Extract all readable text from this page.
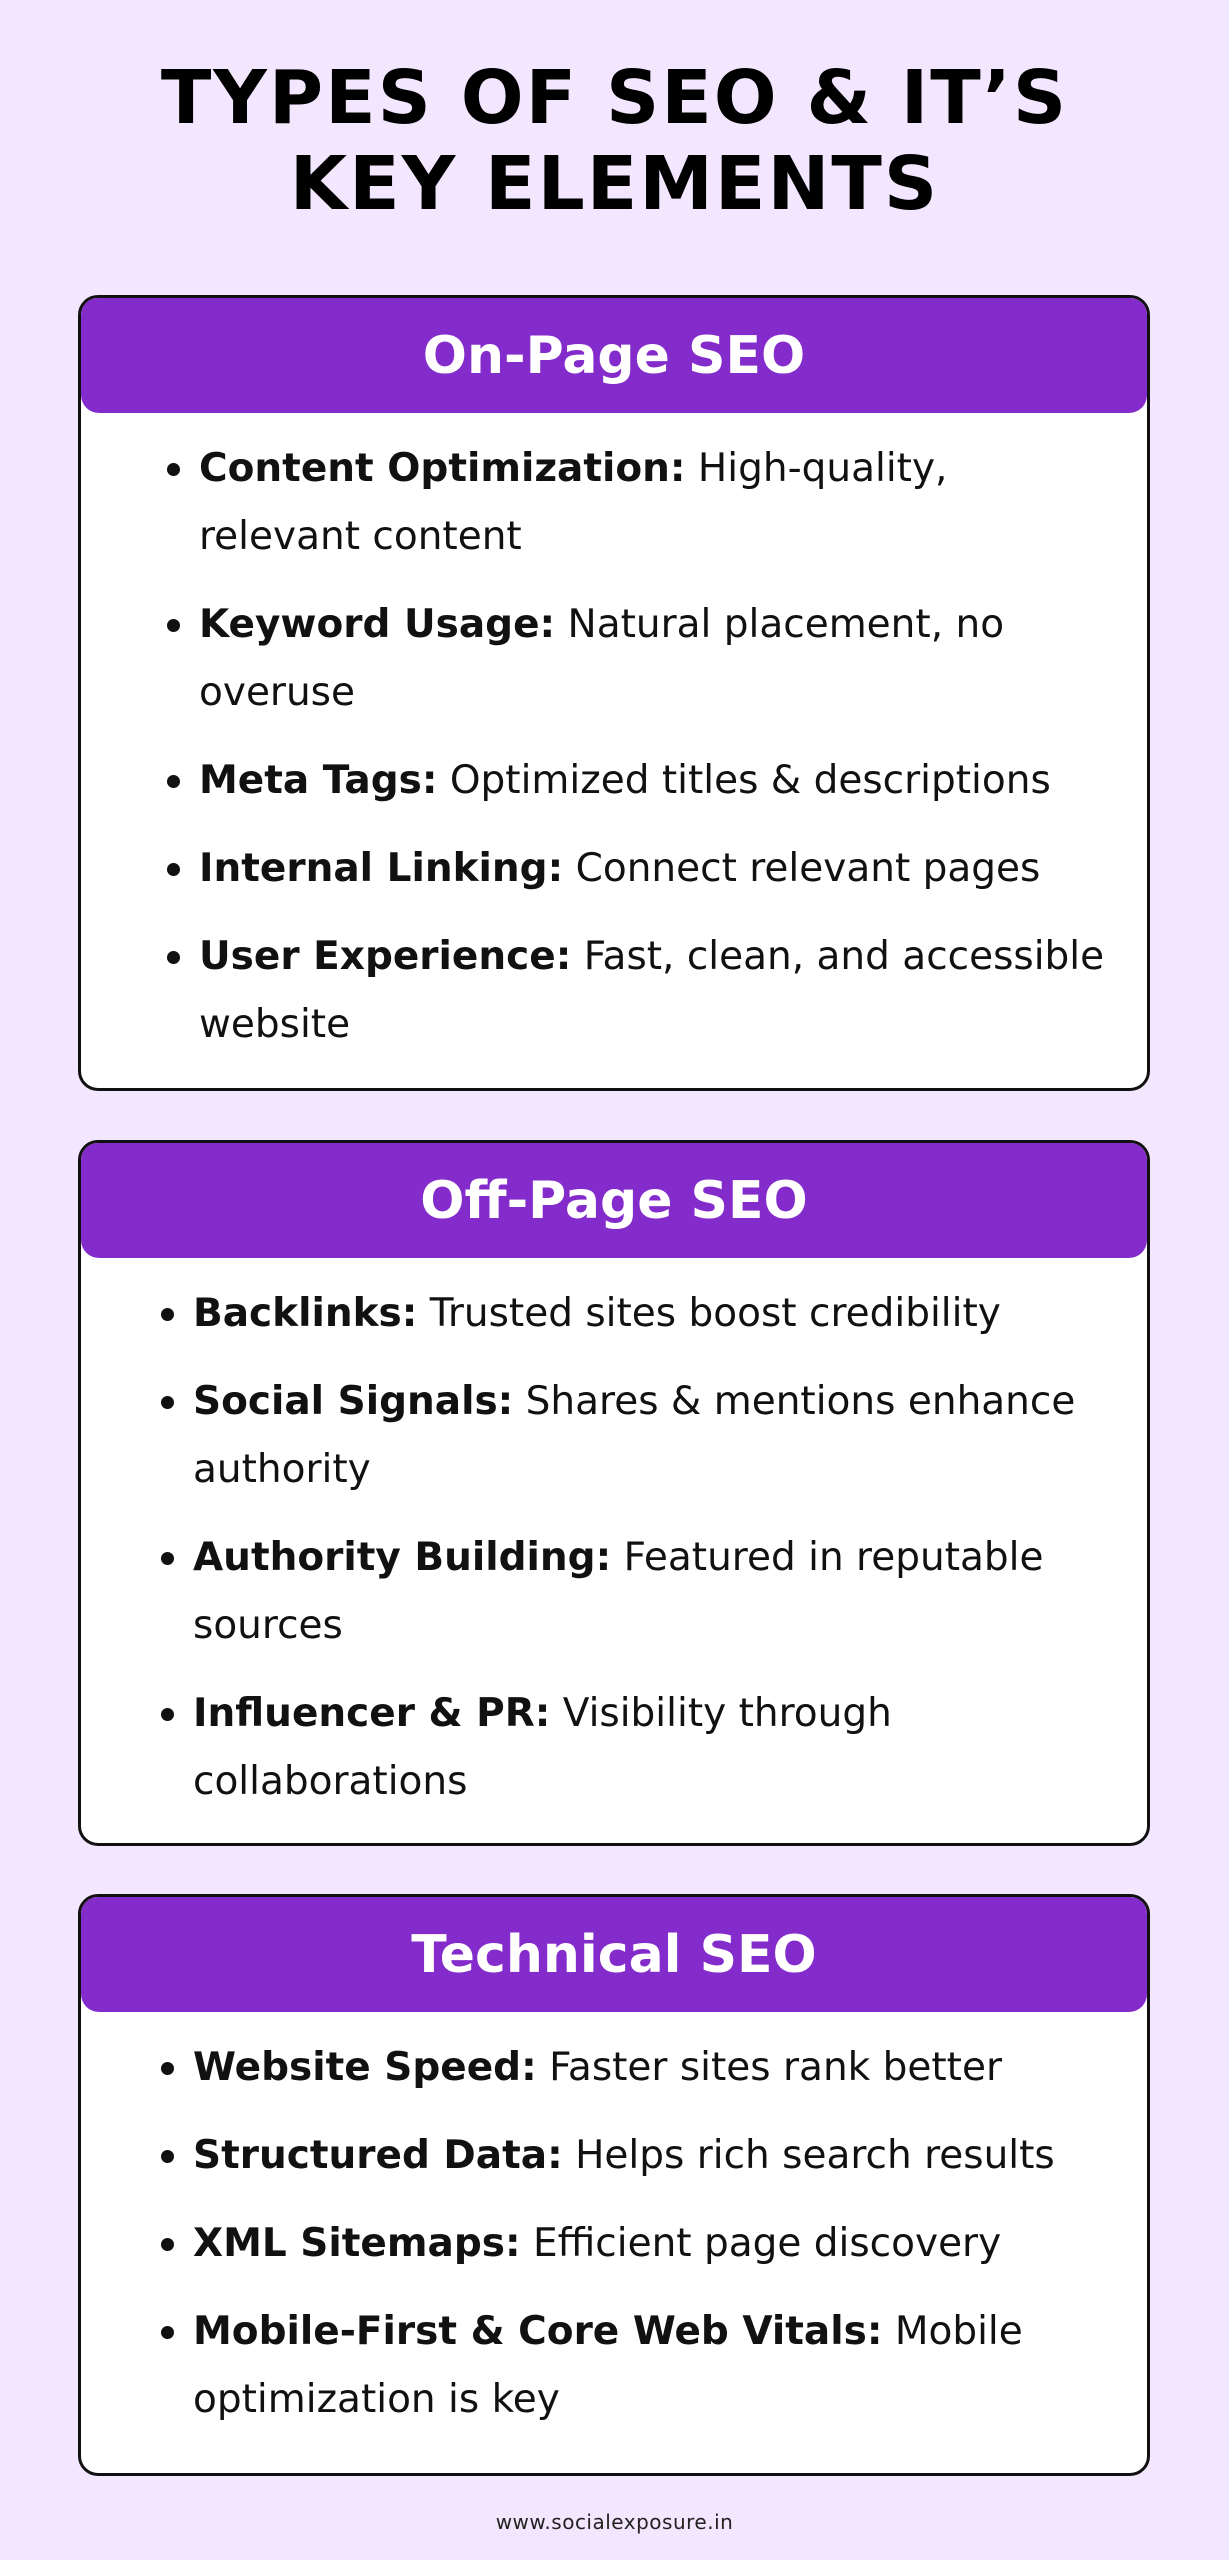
TYPES OF SEO & IT’S
KEY ELEMENTS
On-Page SEO
Content Optimization: High-quality, relevant content
Keyword Usage: Natural placement, no overuse
Meta Tags: Optimized titles & descriptions
Internal Linking: Connect relevant pages
User Experience: Fast, clean, and accessible website
Off-Page SEO
Backlinks: Trusted sites boost credibility
Social Signals: Shares & mentions enhance authority
Authority Building: Featured in reputable sources
Influencer & PR: Visibility through collaborations
Technical SEO
Website Speed: Faster sites rank better
Structured Data: Helps rich search results
XML Sitemaps: Efficient page discovery
Mobile-First & Core Web Vitals: Mobile optimization is key
www.socialexposure.in
